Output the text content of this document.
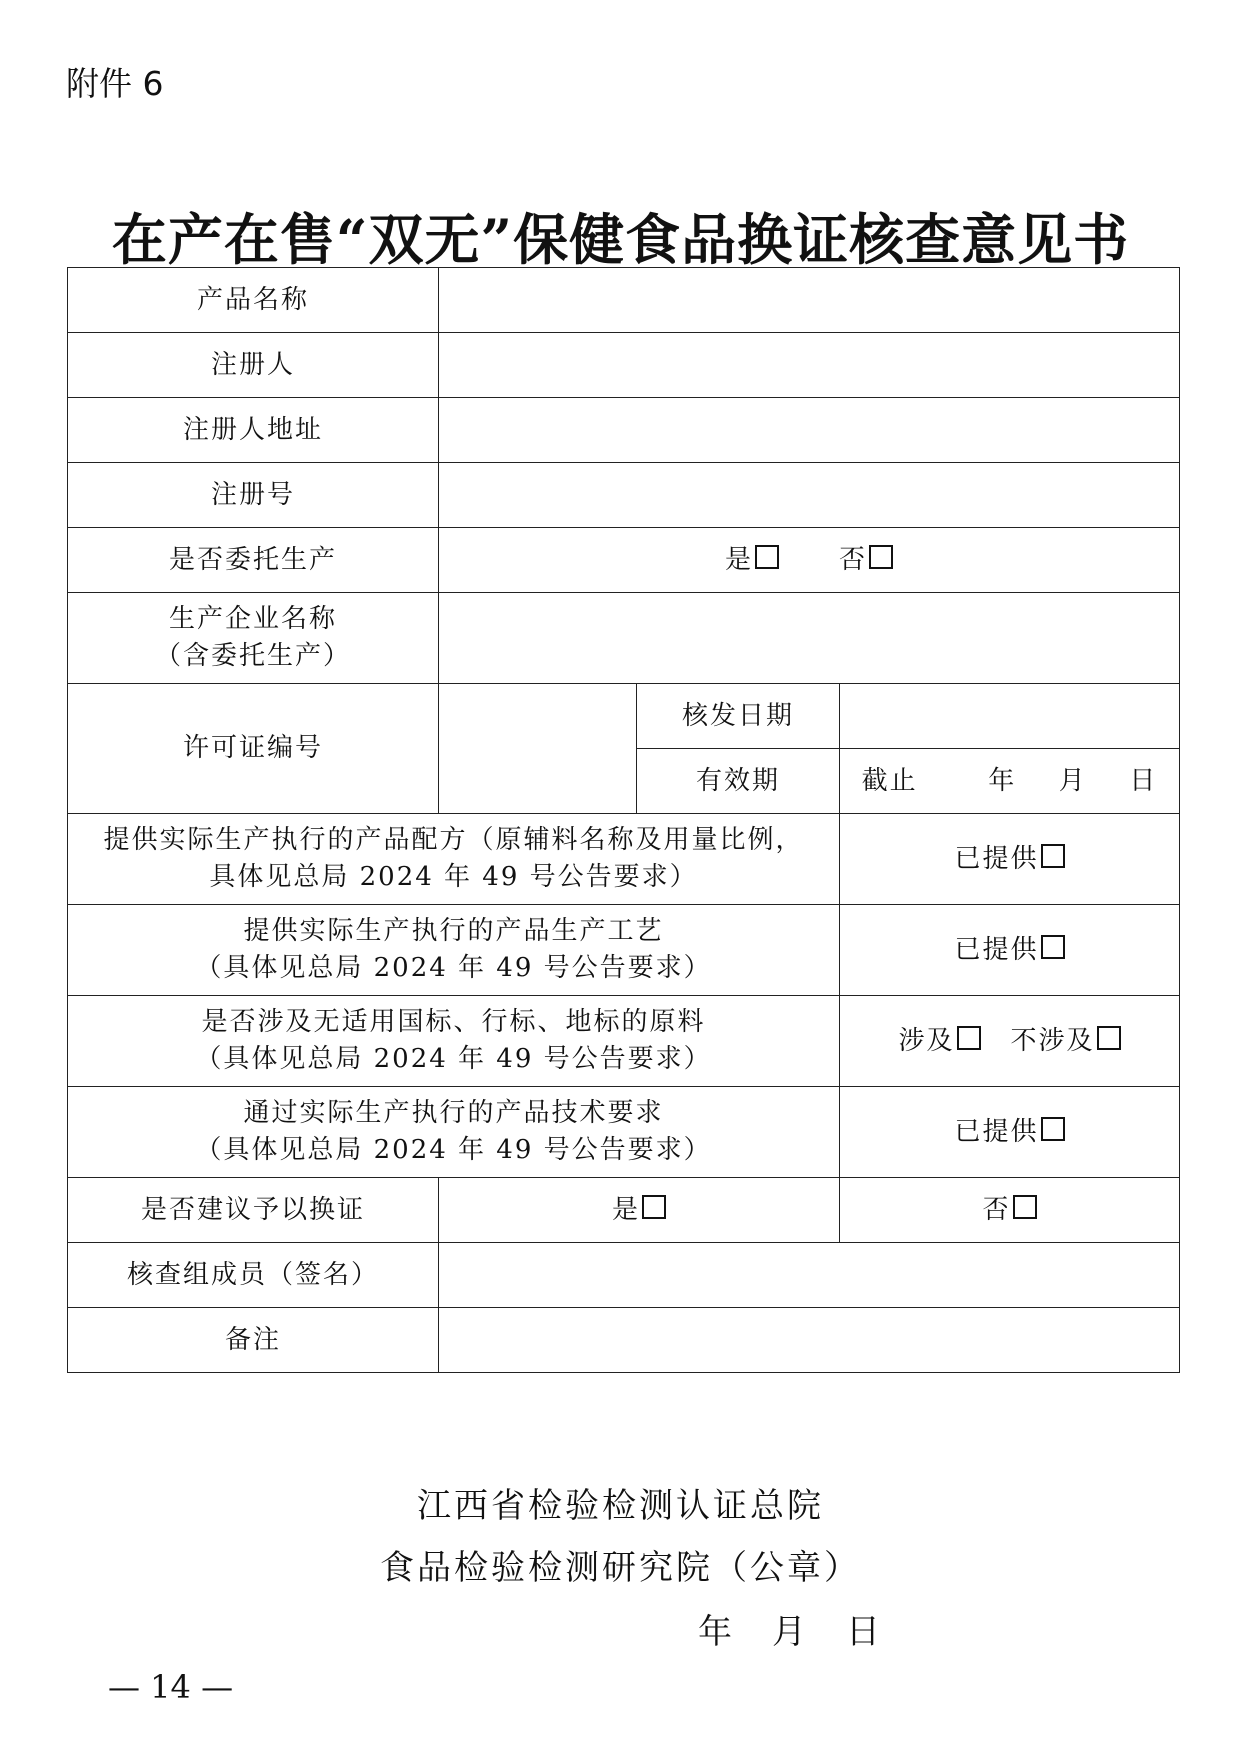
附件 6
在产在售“双无”保健食品换证核查意见书
产品名称			
注册人			
注册人地址			
注册号			
是否委托生产	是 否		

生产企业名称
（含委托生产）			

许可证编号		核发日期	
		有效期	截止 年 月 日

提供实际生产执行的产品配方（原辅料名称及用量比例，
具体见总局 2024 年 49 号公告要求）			已提供

提供实际生产执行的产品生产工艺
（具体见总局 2024 年 49 号公告要求）			已提供

是否涉及无适用国标、行标、地标的原料
（具体见总局 2024 年 49 号公告要求）			涉及 不涉及

通过实际生产执行的产品技术要求
（具体见总局 2024 年 49 号公告要求）			已提供
是否建议予以换证	是		否
核查组成员（签名）			
备注			
江西省检验检测认证总院
食品检验检测研究院（公章）
年　月　日
— 14 —
